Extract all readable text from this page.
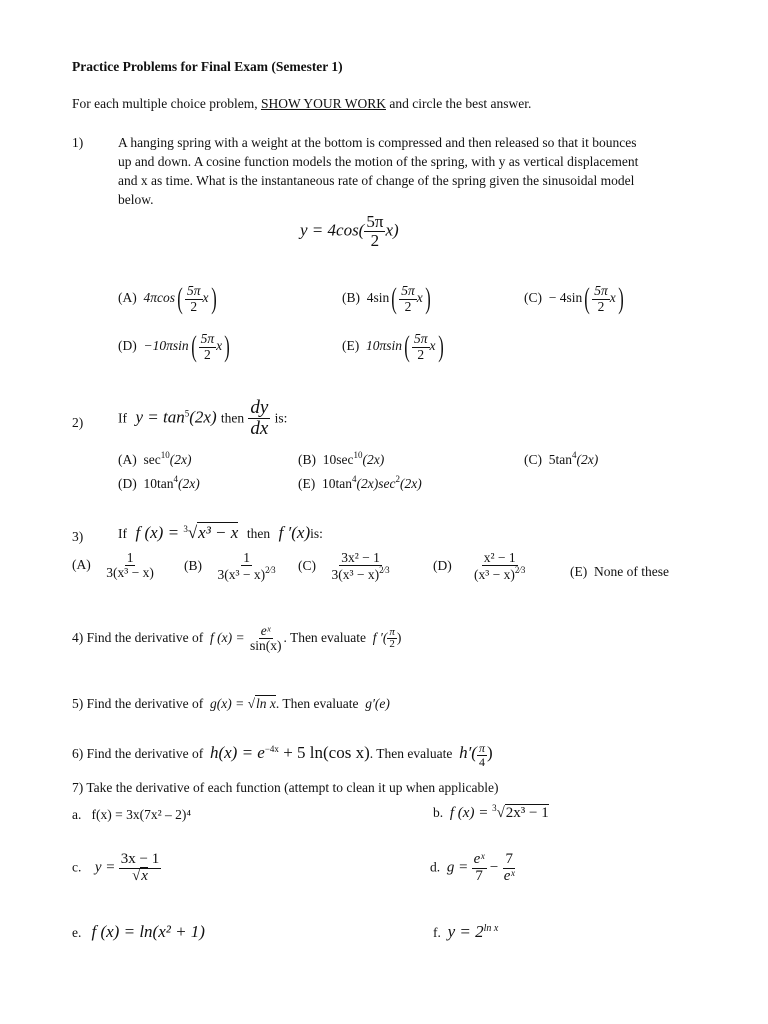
Practice Problems for Final Exam (Semester 1)
For each multiple choice problem, SHOW YOUR WORK and circle the best answer.
1)	A hanging spring with a weight at the bottom is compressed and then released so that it bounces
up and down. A cosine function models the motion of the spring, with y as vertical displacement
and x as time. What is the instantaneous rate of change of the spring given the sinusoidal model
below.
$y = 4\cos( \frac{5\pi}{2} x)$
(A) $4\pi\cos( \frac{5\pi}{2} x)$	(B) $4\sin( \frac{5\pi}{2} x)$	$(C) - 4\sin( \frac{5\pi}{2} x)$
$(D) -10\pi\sin( \frac{5\pi}{2} x)$	(E) $10\pi\sin( \frac{5\pi}{2} x)$
2)	If $y = \tan^5(2x)$ then $\frac{dy}{dx}$ is:
(A) $\sec^{10}(2x)$	(B) $10\sec^{10}(2x)$	(C) $5\tan^4(2x)$
(D) $10\tan^4(2x)$	(E) $10\tan^4(2x)\sec^2(2x)$
3)	If f (x) = $^3$√x³ − x then f ′(x)is:
$(A) \frac{1}{\text{3(x³ − x)}} (B) \frac{1}{3(x^3 - x)^{2⁄3}} (C) \frac{\text{3x² − 1}}{3(x^3 - x)^{2⁄3}}$	$(D) \frac{\text{x² − 1}}{(x^3 - x)^{2⁄3}}$	(E) None of these
4) Find the derivative of f $(x) = \frac{\text{eˣ}}{\sin(x)}$ . Then evaluate f ′( $\frac{\pi}{2}$ )
5) Find the derivative of g(x) = √ln x. Then evaluate g′(e)
6) Find the derivative of $h(x) = e^{-4x} + 5$ ln(cos x). Then evaluate $h'( \frac{\pi}{4}$ )
7) Take the derivative of each function (attempt to clean it up when applicable)
a. f(x) = 3x(7x² – 2)⁴	b. f (x) = $^3$√2x³ − 1
c. $y = \frac{3x - 1}{√x}$	d. $g = \frac{\text{eˣ}}{7} - \frac{7}{\text{eˣ}}$
e. f (x) = ln(x² + 1)	f. $y = 2^{ln x}$
